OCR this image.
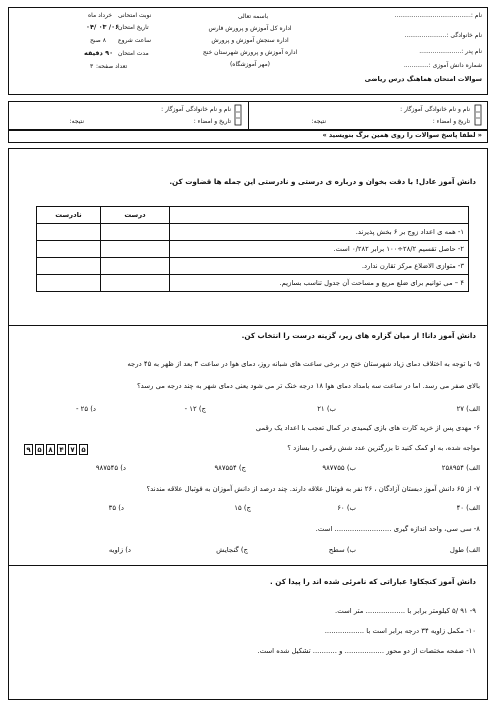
نام :........................................
نام خانوادگی :......................
نام پدر :......................
شماره دانش آموزی :.............
سوالات امتحان هماهنگ درس ریاضی
باسمه تعالی
اداره کل آموزش و پرورش فارس
اداره سنجش آموزش و پرورش
اداره آموزش و پرورش شهرستان خنج
(مهر آموزشگاه)
نوبت امتحانی
خرداد ماه
تاریخ امتحان
۰۴/ ۰۳ /۰۶
ساعت شروع
۸ صبح
مدت امتحان
۹۰ دقیقه
تعداد صفحه:
۳
نام و نام خانوادگی آموزگار :
تاریخ و امضاء :
نتیجه:
نام و نام خانوادگی آموزگار :
تاریخ و امضاء :
نتیجه:
« لطفا پاسخ سوالات را روی همین برگ بنویسید »
دانش آموز عادل! با دقت بخوان و درباره ی درستی و نادرستی این جمله ها قضاوت کن.
	درست	نادرست
۱- همه ی اعداد زوج بر ۶ بخش پذیرند.		
۲- حاصل تقسیم ۲۸/۲÷۱۰۰ برابر ۰/۲۸۲ است.		
۳- متوازی الاضلاع مرکز تقارن ندارد.		
۴ – می توانیم برای ضلع مربع و مساحت آن جدول تناسب بسازیم.		
دانش آموز دانا! از میان گزاره های زیر، گزینه درست را انتخاب کن.
۵- با توجه به اختلاف دمای زیاد شهرستان خنج در برخی ساعت های شبانه روز، دمای هوا در ساعت ۳ بعد از ظهر به ۴۵ درجه
بالای صفر می رسد. اما در ساعت سه بامداد دمای هوا ۱۸ درجه خنک تر می شود یعنی دمای شهر به چند درجه می رسد؟
الف) ۲۷
ب) ۲۱
ج) ۱۲ -
د) ۲۵ -
۶- مهدی پس از خرید کارت های بازی کیمیدی در کمال تعجب با اعداد یک رقمی
۹ ۵ ۸ ۴ ۷ ۵	مواجه شده، به او کمک کنید تا بزرگترین عدد شش رقمی را بسازد ؟
الف) ۲۵۸۹۵۴
ب) ۹۸۷۷۵۵
ج) ۹۸۷۵۵۴
د) ۹۸۷۵۴۵
۷- از ۶۵ دانش آموز دبستان آزادگان ، ۲۶ نفر به فوتبال علاقه دارند. چند درصد از دانش آموزان به فوتبال علاقه مندند؟
الف) ۴۰
ب) ۶۰
ج) ۱۵
د) ۳۵
۸- سی سی، واحد اندازه گیری .......................... است.
الف) طول
ب) سطح
ج) گنجایش
د) زاویه
دانش آموز کنجکاو! عباراتی که نامرئی شده اند را پیدا کن .
۹- ۹۱ /۵ کیلومتر برابر با .................. متر است.
۱۰- مکمل زاویه ۳۴ درجه برابر است با ..................
۱۱- صفحه مختصات از دو محور .................. و ........... تشکیل شده است.
